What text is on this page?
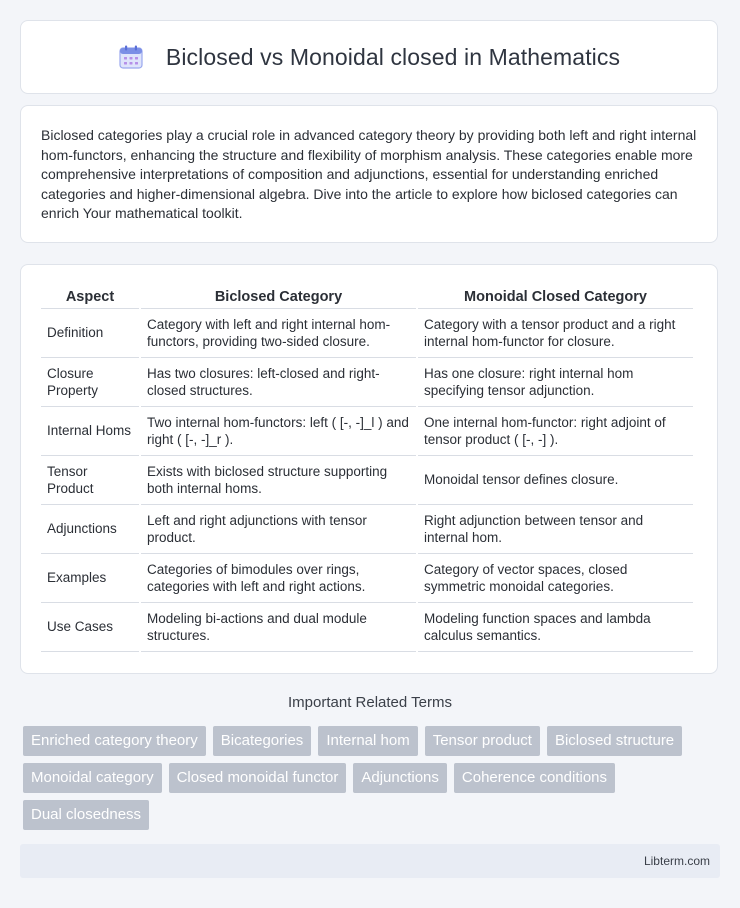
Biclosed vs Monoidal closed in Mathematics

Biclosed categories play a crucial role in advanced category theory by providing both left and right internal hom-functors, enhancing the structure and flexibility of morphism analysis. These categories enable more comprehensive interpretations of composition and adjunctions, essential for understanding enriched categories and higher-dimensional algebra. Dive into the article to explore how biclosed categories can enrich Your mathematical toolkit.

Aspect	Biclosed Category	Monoidal Closed Category
Definition	Category with left and right internal hom-functors, providing two-sided closure.	Category with a tensor product and a right internal hom-functor for closure.
Closure Property	Has two closures: left-closed and right-closed structures.	Has one closure: right internal hom specifying tensor adjunction.
Internal Homs	Two internal hom-functors: left ( [-, -]_l ) and right ( [-, -]_r ).	One internal hom-functor: right adjoint of tensor product ( [-, -] ).
Tensor Product	Exists with biclosed structure supporting both internal homs.	Monoidal tensor defines closure.
Adjunctions	Left and right adjunctions with tensor product.	Right adjunction between tensor and internal hom.
Examples	Categories of bimodules over rings, categories with left and right actions.	Category of vector spaces, closed symmetric monoidal categories.
Use Cases	Modeling bi-actions and dual module structures.	Modeling function spaces and lambda calculus semantics.
Important Related Terms
Enriched category theory	Bicategories	Internal hom	Tensor product	Biclosed structure
Monoidal category	Closed monoidal functor	Adjunctions	Coherence conditions
Dual closedness
Libterm.com
